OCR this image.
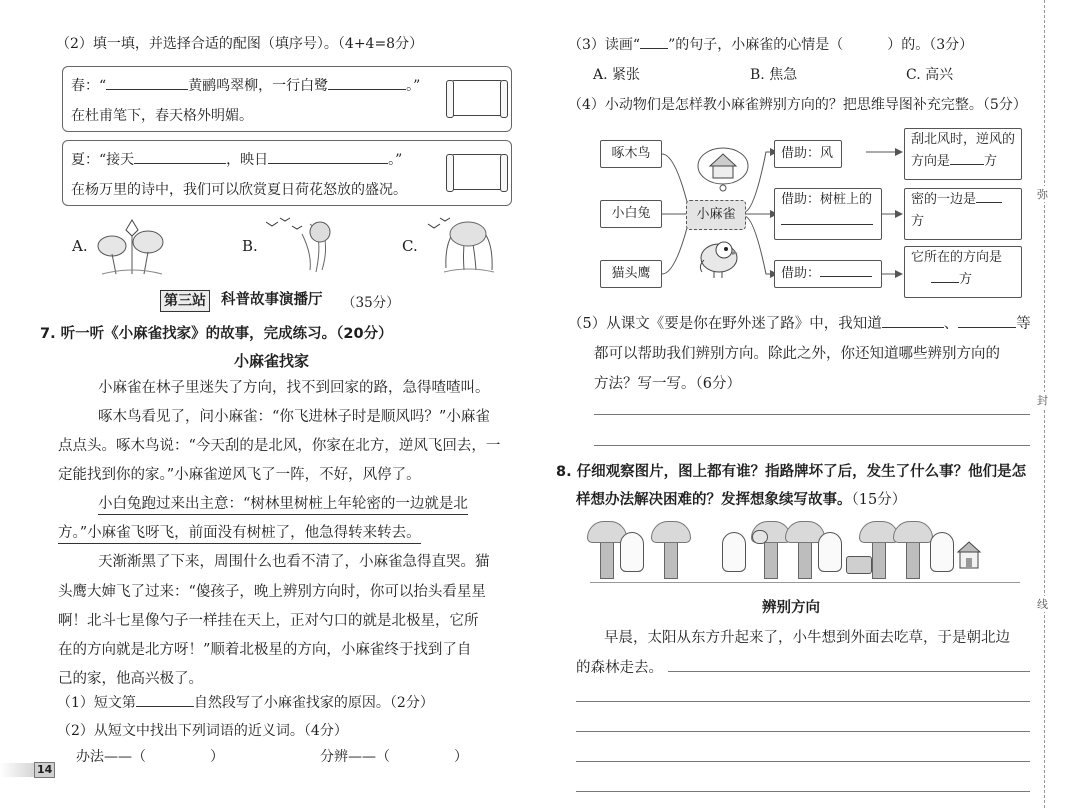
（2）填一填，并选择合适的配图（填序号）。（4+4=8分）
春：“	黄鹂鸣翠柳，一行白鹭	。”
在杜甫笔下，春天格外明媚。
夏：“接天	，映日	。”
在杨万里的诗中，我们可以欣赏夏日荷花怒放的盛况。
A.	B.	C.
第三站 科普故事演播厅 （35分）
7. 听一听《小麻雀找家》的故事，完成练习。（20分）
小麻雀找家
小麻雀在林子里迷失了方向，找不到回家的路，急得喳喳叫。
啄木鸟看见了，问小麻雀：“你飞进林子时是顺风吗？”小麻雀
点点头。啄木鸟说：“今天刮的是北风，你家在北方，逆风飞回去，一
定能找到你的家。”小麻雀逆风飞了一阵，不好，风停了。
小白兔跑过来出主意：“树林里树桩上年轮密的一边就是北
方。”小麻雀飞呀飞，前面没有树桩了，他急得转来转去。
天渐渐黑了下来，周围什么也看不清了，小麻雀急得直哭。猫
头鹰大婶飞了过来：“傻孩子，晚上辨别方向时，你可以抬头看星星
啊！北斗七星像勺子一样挂在天上，正对勺口的就是北极星，它所
在的方向就是北方呀！”顺着北极星的方向，小麻雀终于找到了自
己的家，他高兴极了。
（1）短文第	自然段写了小麻雀找家的原因。（2分）
（2）从短文中找出下列词语的近义词。（4分）
办法——（	）	分辨——（	）
14
（3）读画“ ”的句子，小麻雀的心情是（	）的。（3分）
A. 紧张	B. 焦急	C. 高兴
（4）小动物们是怎样教小麻雀辨别方向的？把思维导图补充完整。（5分）
啄木鸟
小白兔
猫头鹰
小麻雀
借助：风
借助：树桩上的
借助：
刮北风时，逆风的
方向是	方
密的一边是
方
它所在的方向是
方
（5）从课文《要是你在野外迷了路》中，我知道	、	等
都可以帮助我们辨别方向。除此之外，你还知道哪些辨别方向的
方法？写一写。（6分）
8. 仔细观察图片，图上都有谁？指路牌坏了后，发生了什么事？他们是怎
样想办法解决困难的？发挥想象续写故事。（15分）
辨别方向
早晨，太阳从东方升起来了，小牛想到外面去吃草，于是朝北边
的森林走去。
弥
封
线
